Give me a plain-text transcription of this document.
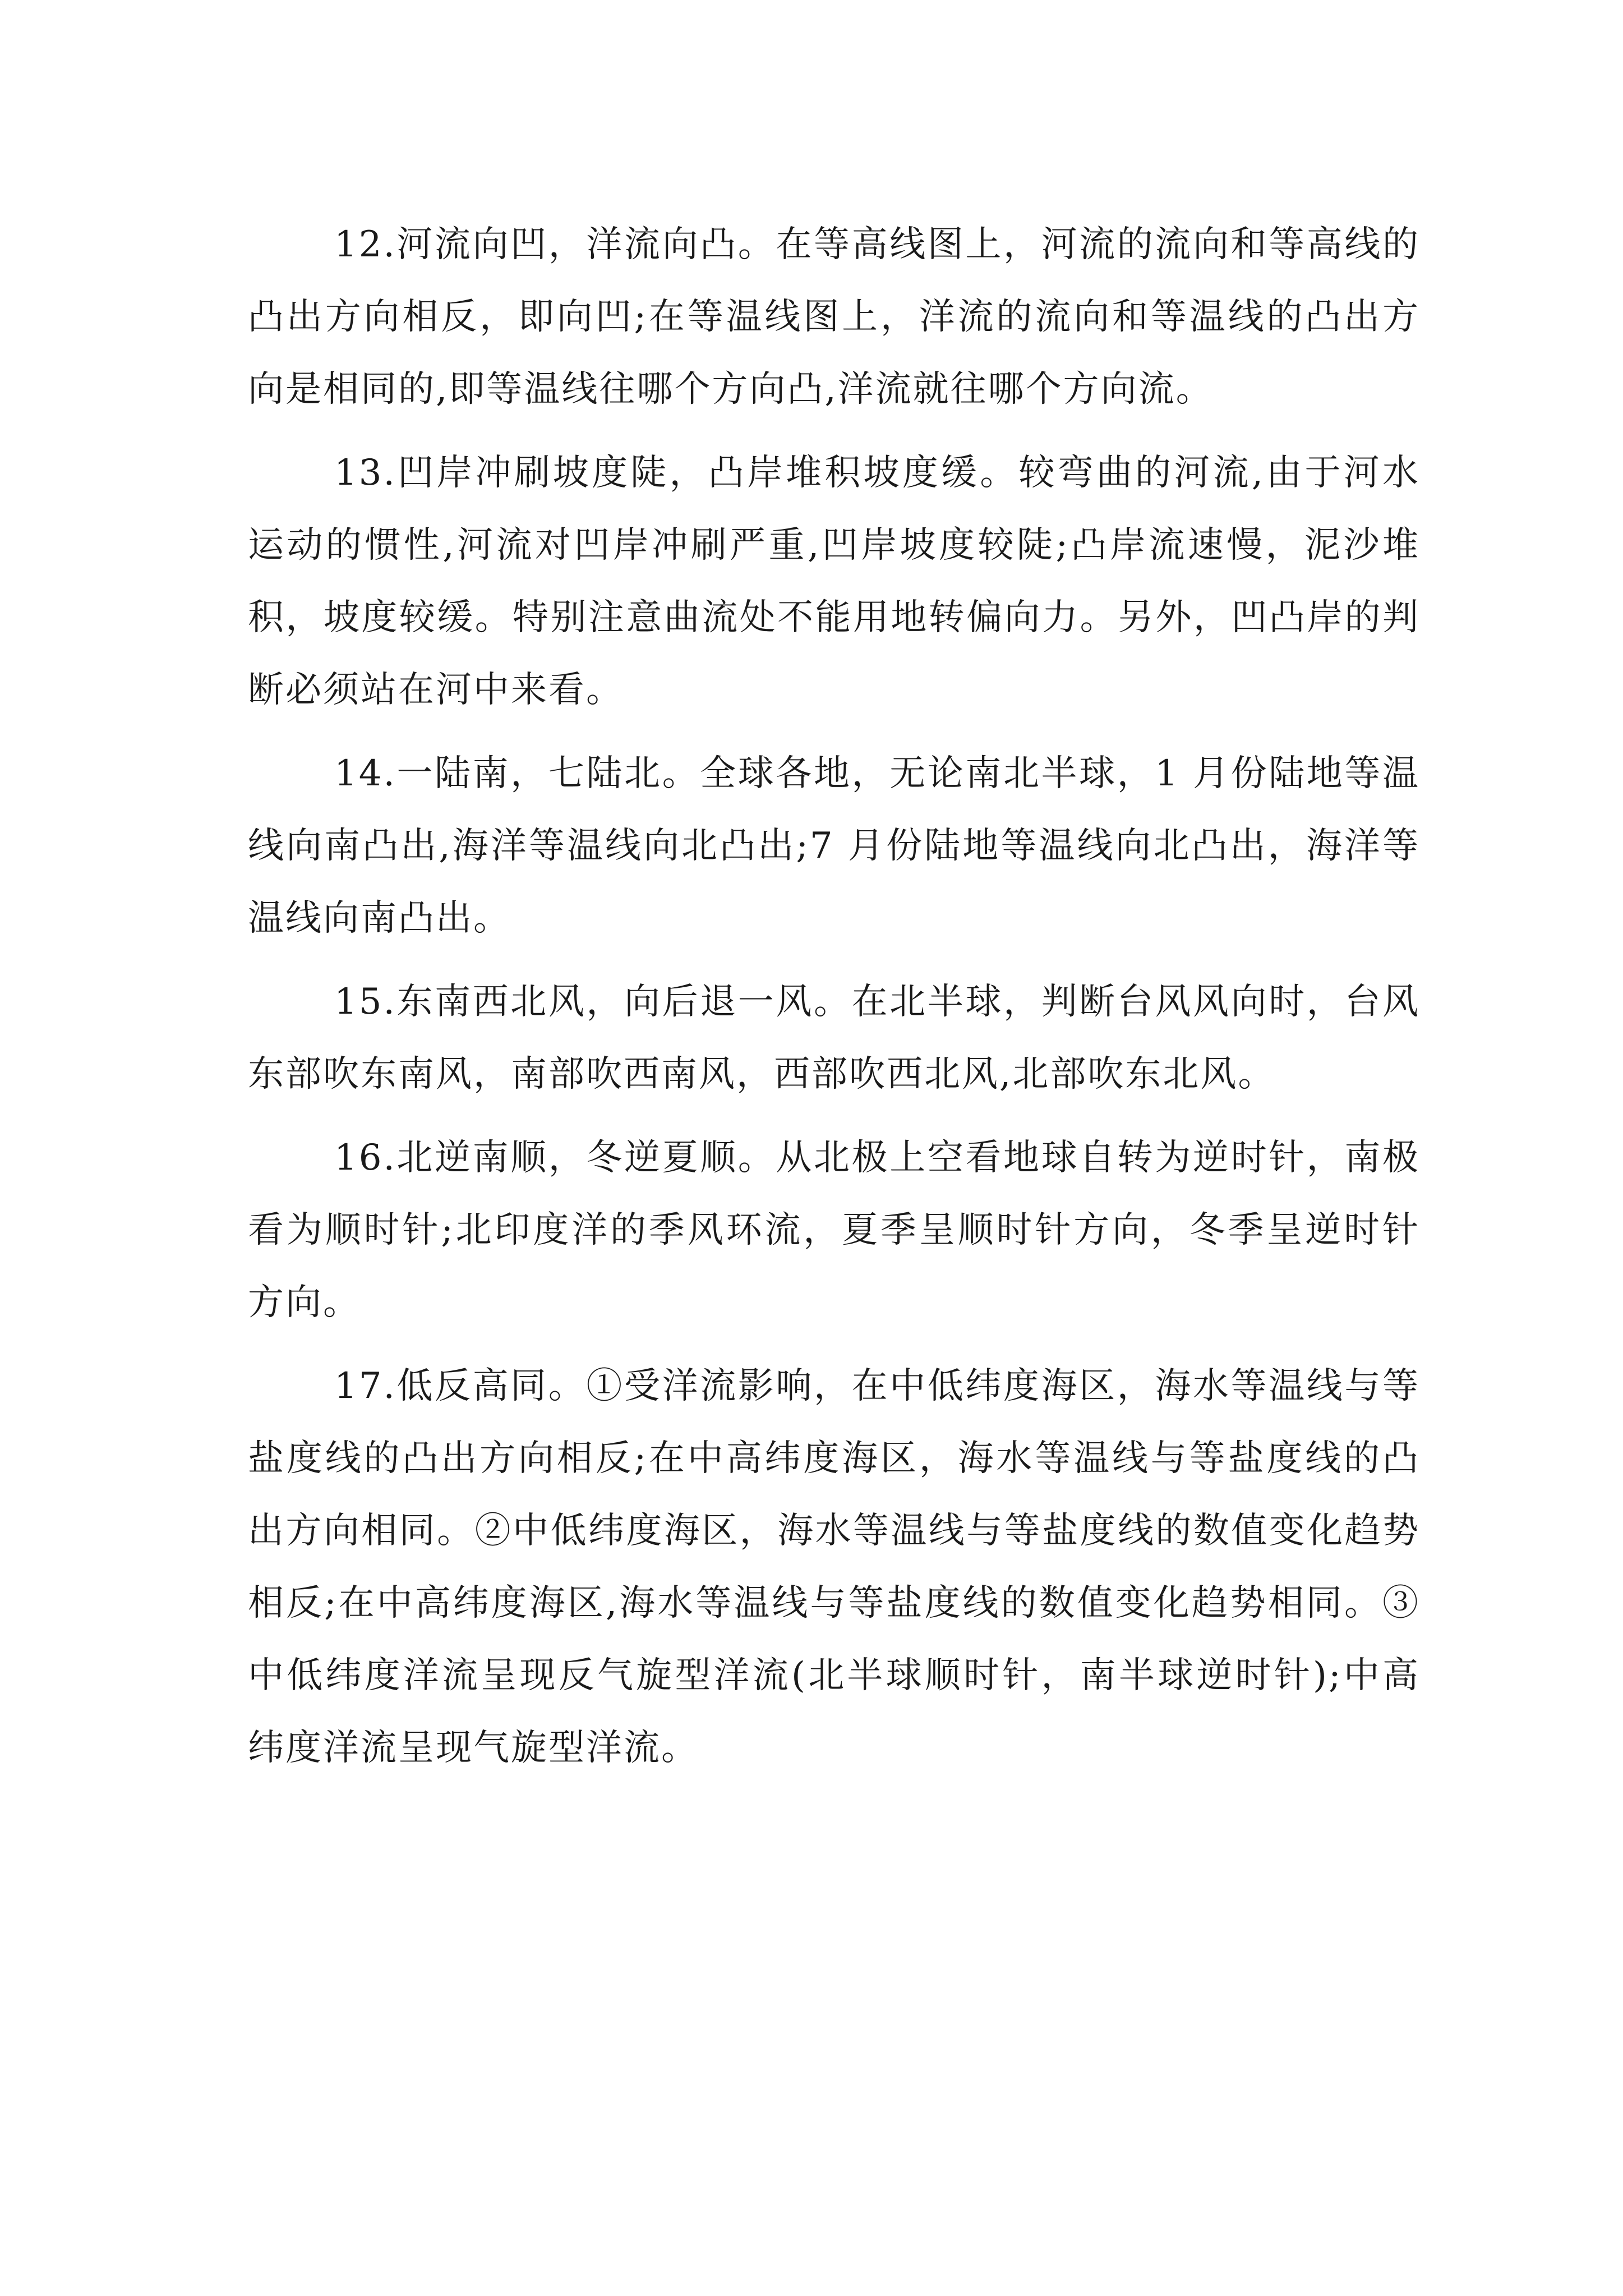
12.河流向凹，洋流向凸。在等高线图上，河流的流向和等高线的凸出方向相反，即向凹;在等温线图上，洋流的流向和等温线的凸出方向是相同的,即等温线往哪个方向凸,洋流就往哪个方向流。

13.凹岸冲刷坡度陡，凸岸堆积坡度缓。较弯曲的河流,由于河水运动的惯性,河流对凹岸冲刷严重,凹岸坡度较陡;凸岸流速慢，泥沙堆积，坡度较缓。特别注意曲流处不能用地转偏向力。另外，凹凸岸的判断必须站在河中来看。

14.一陆南，七陆北。全球各地，无论南北半球，1 月份陆地等温线向南凸出,海洋等温线向北凸出;7 月份陆地等温线向北凸出，海洋等温线向南凸出。

15.东南西北风，向后退一风。在北半球，判断台风风向时，台风东部吹东南风，南部吹西南风，西部吹西北风,北部吹东北风。

16.北逆南顺，冬逆夏顺。从北极上空看地球自转为逆时针，南极看为顺时针;北印度洋的季风环流，夏季呈顺时针方向，冬季呈逆时针方向。

17.低反高同。①受洋流影响，在中低纬度海区，海水等温线与等盐度线的凸出方向相反;在中高纬度海区，海水等温线与等盐度线的凸出方向相同。②中低纬度海区，海水等温线与等盐度线的数值变化趋势相反;在中高纬度海区,海水等温线与等盐度线的数值变化趋势相同。③中低纬度洋流呈现反气旋型洋流(北半球顺时针，南半球逆时针);中高纬度洋流呈现气旋型洋流。
